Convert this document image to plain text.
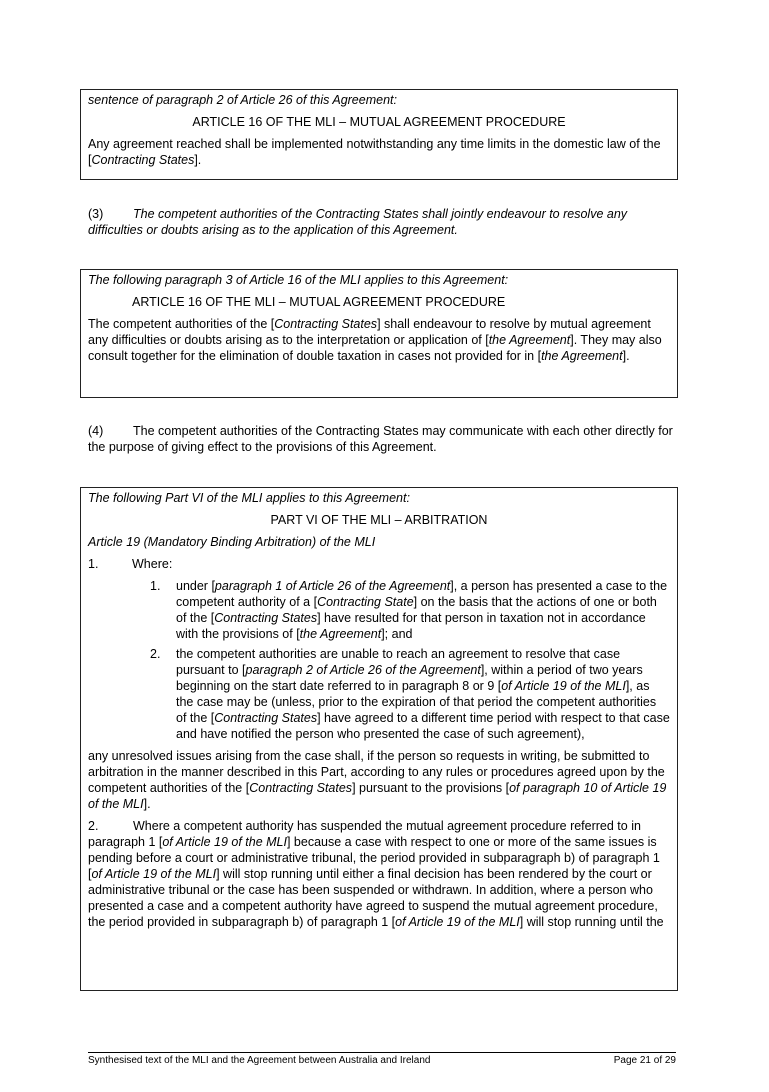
sentence of paragraph 2 of Article 26 of this Agreement:

ARTICLE 16 OF THE MLI – MUTUAL AGREEMENT PROCEDURE

Any agreement reached shall be implemented notwithstanding any time limits in the domestic law of the [Contracting States].

(3) The competent authorities of the Contracting States shall jointly endeavour to resolve any difficulties or doubts arising as to the application of this Agreement.

The following paragraph 3 of Article 16 of the MLI applies to this Agreement:

ARTICLE 16 OF THE MLI – MUTUAL AGREEMENT PROCEDURE

The competent authorities of the [Contracting States] shall endeavour to resolve by mutual agreement any difficulties or doubts arising as to the interpretation or application of [the Agreement]. They may also consult together for the elimination of double taxation in cases not provided for in [the Agreement].

(4) The competent authorities of the Contracting States may communicate with each other directly for the purpose of giving effect to the provisions of this Agreement.

The following Part VI of the MLI applies to this Agreement:

PART VI OF THE MLI – ARBITRATION

Article 19 (Mandatory Binding Arbitration) of the MLI

1.	Where:
1.	under [paragraph 1 of Article 26 of the Agreement], a person has presented a case to the competent authority of a [Contracting State] on the basis that the actions of one or both of the [Contracting States] have resulted for that person in taxation not in accordance with the provisions of [the Agreement]; and
2.	the competent authorities are unable to reach an agreement to resolve that case pursuant to [paragraph 2 of Article 26 of the Agreement], within a period of two years beginning on the start date referred to in paragraph 8 or 9 [of Article 19 of the MLI], as the case may be (unless, prior to the expiration of that period the competent authorities of the [Contracting States] have agreed to a different time period with respect to that case and have notified the person who presented the case of such agreement),

any unresolved issues arising from the case shall, if the person so requests in writing, be submitted to arbitration in the manner described in this Part, according to any rules or procedures agreed upon by the competent authorities of the [Contracting States] pursuant to the provisions [of paragraph 10 of Article 19 of the MLI].

2.	Where a competent authority has suspended the mutual agreement procedure referred to in paragraph 1 [of Article 19 of the MLI] because a case with respect to one or more of the same issues is pending before a court or administrative tribunal, the period provided in subparagraph b) of paragraph 1 [of Article 19 of the MLI] will stop running until either a final decision has been rendered by the court or administrative tribunal or the case has been suspended or withdrawn. In addition, where a person who presented a case and a competent authority have agreed to suspend the mutual agreement procedure, the period provided in subparagraph b) of paragraph 1 [of Article 19 of the MLI] will stop running until the

Synthesised text of the MLI and the Agreement between Australia and Ireland	Page 21 of 29
